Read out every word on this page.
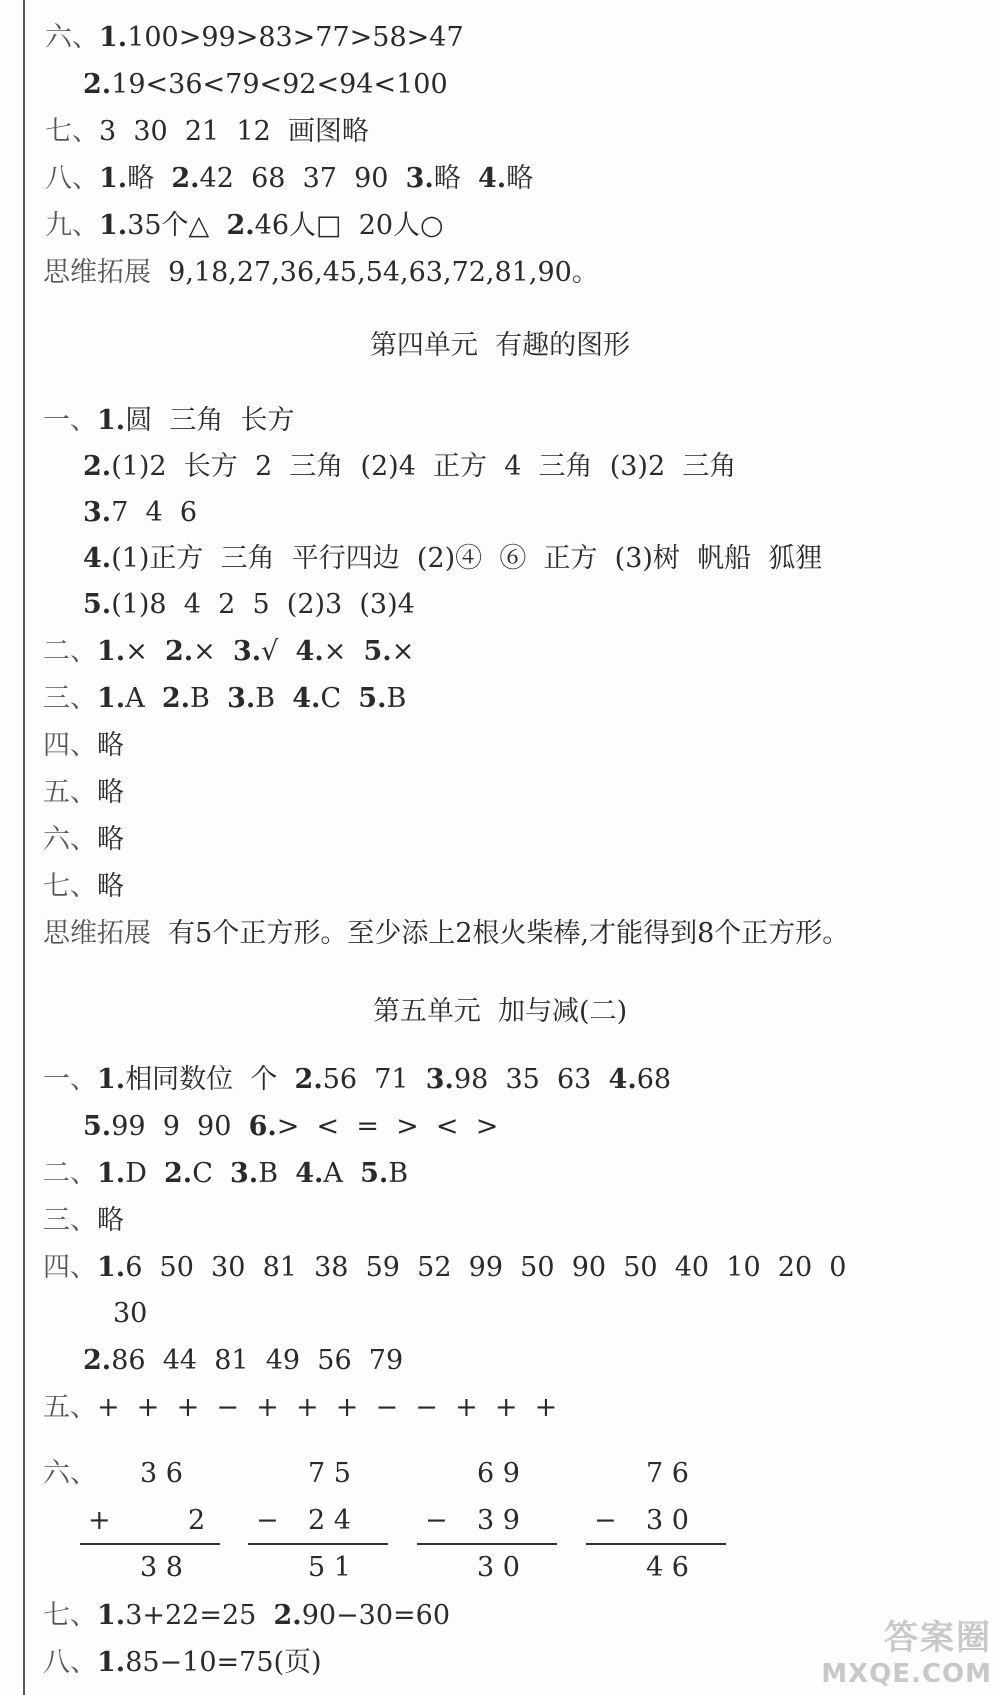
六、1.100>99>83>77>58>47
2.19<36<79<92<94<100
七、3  30  21  12  画图略
八、1.略  2.42  68  37  90  3.略  4.略
九、1.35个△  2.46人□  20人○
思维拓展  9,18,27,36,45,54,63,72,81,90。
一、1.圆  三角  长方
2.(1)2  长方  2  三角  (2)4  正方  4  三角  (3)2  三角
3.7  4  6
4.(1)正方  三角  平行四边  (2)④  ⑥  正方  (3)树  帆船  狐狸
5.(1)8  4  2  5  (2)3  (3)4
二、1.×  2.×  3.√  4.×  5.×
三、1.A  2.B  3.B  4.C  5.B
四、略
五、略
六、略
七、略
思维拓展  有5个正方形。至少添上2根火柴棒,才能得到8个正方形。
一、1.相同数位  个  2.56  71  3.98  35  63  4.68
5.99  9  90  6.>  <  =  >  <  >
二、1.D  2.C  3.B  4.A  5.B
三、略
四、1.6  50  30  81  38  59  52  99  50  90  50  40  10  20  0
30
2.86  44  81  49  56  79
五、+  +  +  −  +  +  +  −  −  +  +  +
七、1.3+22=25  2.90−30=60
八、1.85−10=75(页)
第四单元  有趣的图形
第五单元  加与减(二)
六、 3 6
+	2
3 8
7 5
− 2 4
5 1
6 9
− 3 9
3 0
7 6
− 3 0
4 6
答案圈
MXQE.COM
